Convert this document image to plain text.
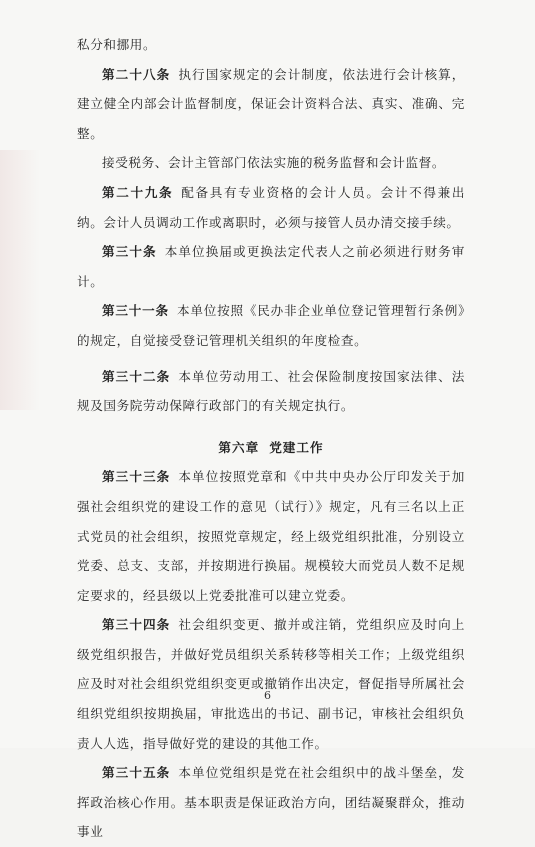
私分和挪用。

第二十八条 执行国家规定的会计制度，依法进行会计核算，建立健全内部会计监督制度，保证会计资料合法、真实、准确、完整。

接受税务、会计主管部门依法实施的税务监督和会计监督。

第二十九条 配备具有专业资格的会计人员。会计不得兼出纳。会计人员调动工作或离职时，必须与接管人员办清交接手续。

第三十条 本单位换届或更换法定代表人之前必须进行财务审计。

第三十一条 本单位按照《民办非企业单位登记管理暂行条例》的规定，自觉接受登记管理机关组织的年度检查。

第三十二条 本单位劳动用工、社会保险制度按国家法律、法规及国务院劳动保障行政部门的有关规定执行。

第六章 党建工作

第三十三条 本单位按照党章和《中共中央办公厅印发关于加强社会组织党的建设工作的意见（试行）》规定，凡有三名以上正式党员的社会组织，按照党章规定，经上级党组织批准，分别设立党委、总支、支部，并按期进行换届。规模较大而党员人数不足规定要求的，经县级以上党委批准可以建立党委。

第三十四条 社会组织变更、撤并或注销，党组织应及时向上级党组织报告，并做好党员组织关系转移等相关工作；上级党组织应及时对社会组织党组织变更或撤销作出决定，督促指导所属社会组织党组织按期换届，审批选出的书记、副书记，审核社会组织负责人人选，指导做好党的建设的其他工作。

第三十五条 本单位党组织是党在社会组织中的战斗堡垒，发挥政治核心作用。基本职责是保证政治方向，团结凝聚群众，推动事业

6
